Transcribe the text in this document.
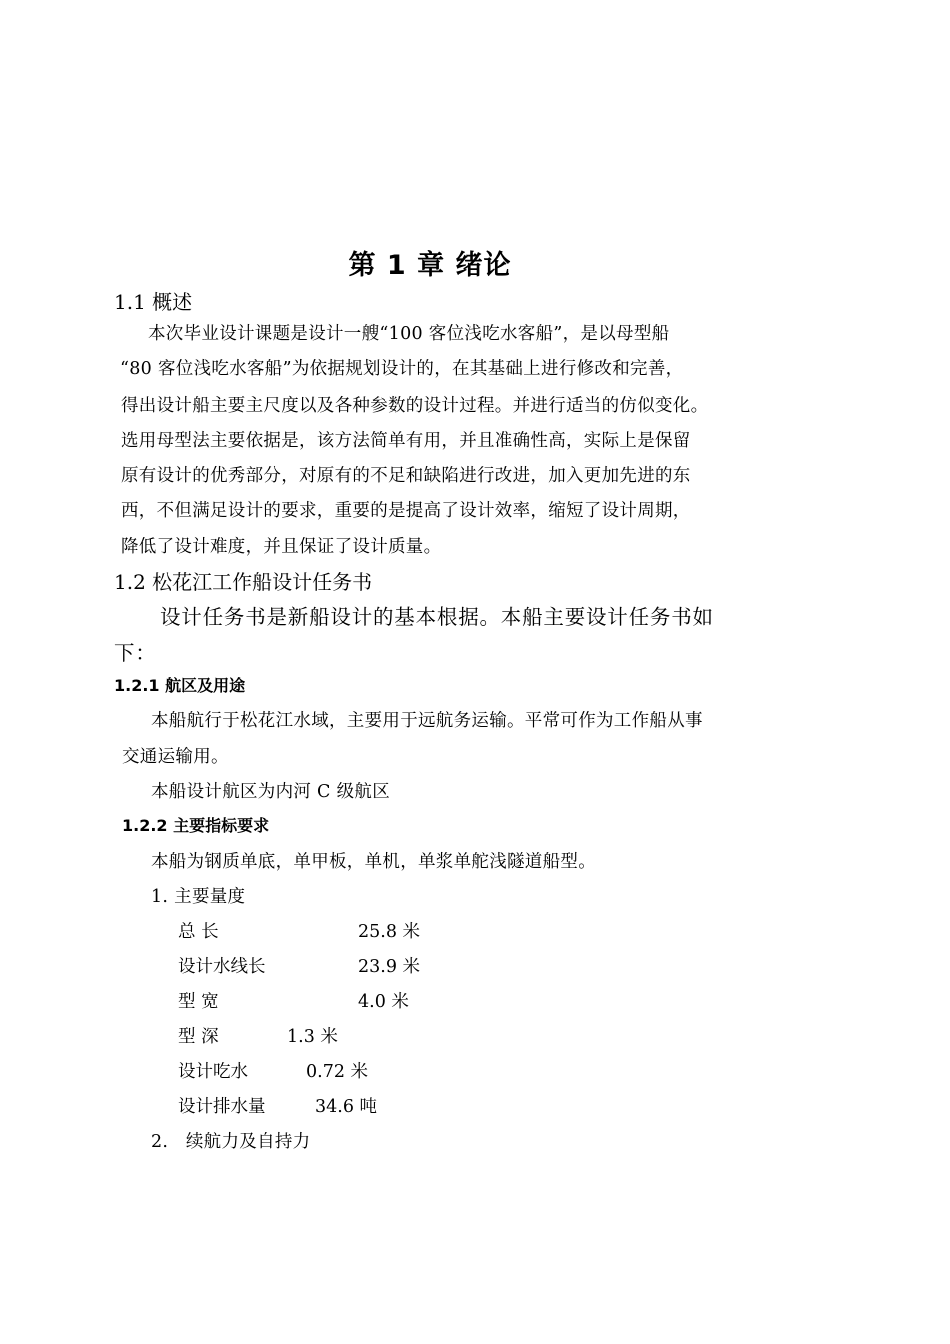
第 1 章 绪论
1.1 概述
本次毕业设计课题是设计一艘“100 客位浅吃水客船”，是以母型船
“80 客位浅吃水客船”为依据规划设计的，在其基础上进行修改和完善，
得出设计船主要主尺度以及各种参数的设计过程。并进行适当的仿似变化。
选用母型法主要依据是，该方法简单有用，并且准确性高，实际上是保留
原有设计的优秀部分，对原有的不足和缺陷进行改进，加入更加先进的东
西，不但满足设计的要求，重要的是提高了设计效率，缩短了设计周期，
降低了设计难度，并且保证了设计质量。
1.2 松花江工作船设计任务书
设计任务书是新船设计的基本根据。本船主要设计任务书如
下：
1.2.1 航区及用途
本船航行于松花江水域，主要用于远航务运输。平常可作为工作船从事
交通运输用。
本船设计航区为内河 C 级航区
1.2.2 主要指标要求
本船为钢质单底，单甲板，单机，单浆单舵浅隧道船型。
1. 主要量度
总 长	25.8 米
设计水线长	23.9 米
型 宽	4.0 米
型 深	1.3 米
设计吃水	0.72 米
设计排水量	34.6 吨
2.   续航力及自持力
